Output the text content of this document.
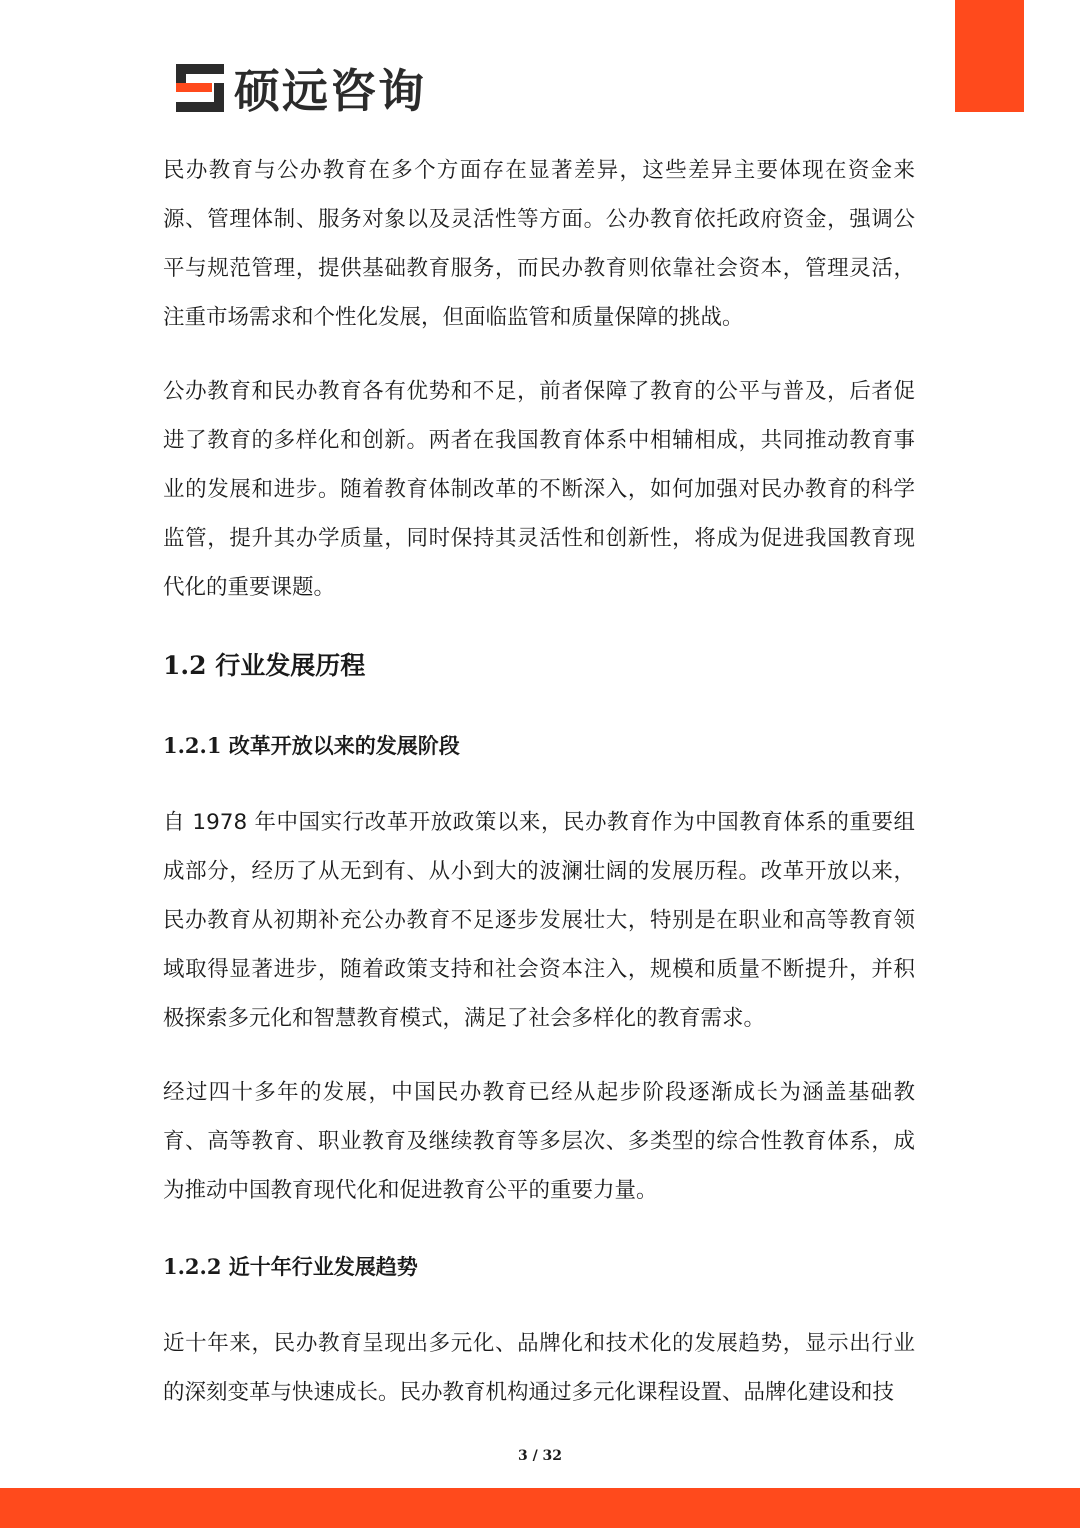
硕远咨询

民办教育与公办教育在多个方面存在显著差异，这些差异主要体现在资金来源、管理体制、服务对象以及灵活性等方面。公办教育依托政府资金，强调公平与规范管理，提供基础教育服务，而民办教育则依靠社会资本，管理灵活，注重市场需求和个性化发展，但面临监管和质量保障的挑战。

公办教育和民办教育各有优势和不足，前者保障了教育的公平与普及，后者促进了教育的多样化和创新。两者在我国教育体系中相辅相成，共同推动教育事业的发展和进步。随着教育体制改革的不断深入，如何加强对民办教育的科学监管，提升其办学质量，同时保持其灵活性和创新性，将成为促进我国教育现代化的重要课题。

1.2 行业发展历程
1.2.1 改革开放以来的发展阶段

自 1978 年中国实行改革开放政策以来，民办教育作为中国教育体系的重要组成部分，经历了从无到有、从小到大的波澜壮阔的发展历程。改革开放以来，民办教育从初期补充公办教育不足逐步发展壮大，特别是在职业和高等教育领域取得显著进步，随着政策支持和社会资本注入，规模和质量不断提升，并积极探索多元化和智慧教育模式，满足了社会多样化的教育需求。

经过四十多年的发展，中国民办教育已经从起步阶段逐渐成长为涵盖基础教育、高等教育、职业教育及继续教育等多层次、多类型的综合性教育体系，成为推动中国教育现代化和促进教育公平的重要力量。

1.2.2 近十年行业发展趋势

近十年来，民办教育呈现出多元化、品牌化和技术化的发展趋势，显示出行业的深刻变革与快速成长。民办教育机构通过多元化课程设置、品牌化建设和技

3 / 32
